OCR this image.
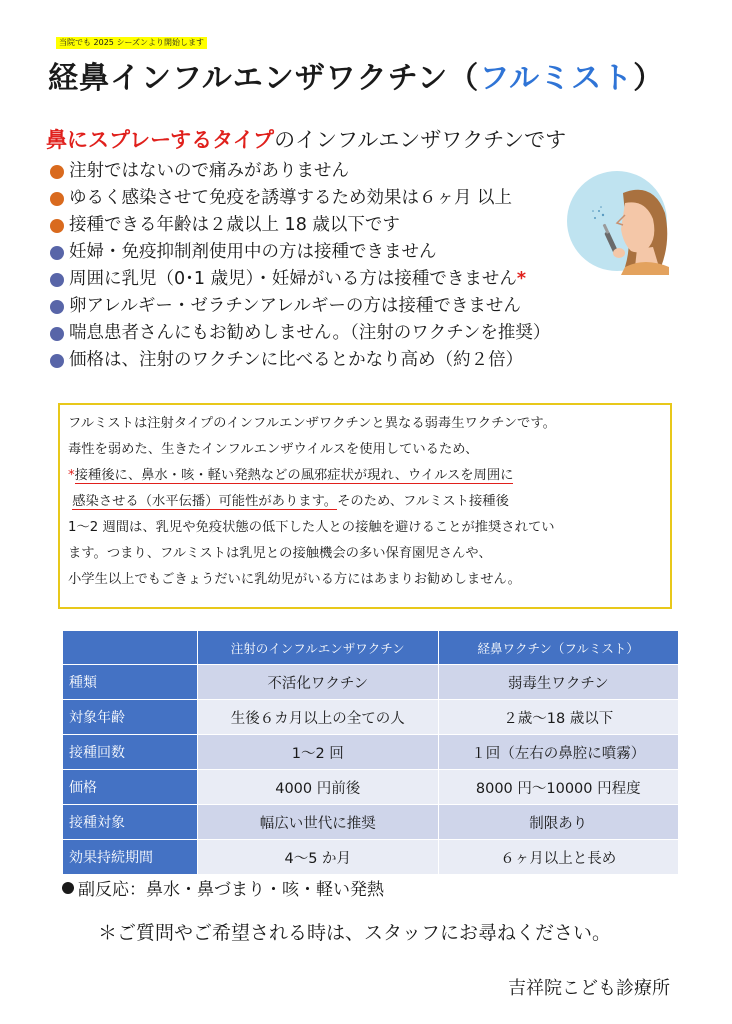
当院でも 2025 シーズンより開始します
経鼻インフルエンザワクチン（フルミスト）
鼻にスプレーするタイプのインフルエンザワクチンです
注射ではないので痛みがありません
ゆるく感染させて免疫を誘導するため効果は６ヶ月 以上
接種できる年齢は２歳以上 18 歳以下です
妊婦・免疫抑制剤使用中の方は接種できません
周囲に乳児（0･1 歳児）・妊婦がいる方は接種できません *
卵アレルギー・ゼラチンアレルギーの方は接種できません
喘息患者さんにもお勧めしません。（注射のワクチンを推奨）
価格は、注射のワクチンに比べるとかなり高め（約２倍）
フルミストは注射タイプのインフルエンザワクチンと異なる弱毒生ワクチンです。
毒性を弱めた、生きたインフルエンザウイルスを使用しているため、
*接種後に、鼻水・咳・軽い発熱などの風邪症状が現れ、ウイルスを周囲に
感染させる（水平伝播）可能性があります。そのため、フルミスト接種後
1～2 週間は、乳児や免疫状態の低下した人との接触を避けることが推奨されてい
ます。つまり、フルミストは乳児との接触機会の多い保育園児さんや、
小学生以上でもごきょうだいに乳幼児がいる方にはあまりお勧めしません。
	注射のインフルエンザワクチン	経鼻ワクチン（フルミスト）
種類	不活化ワクチン	弱毒生ワクチン
対象年齢	生後６カ月以上の全ての人	２歳～18 歳以下
接種回数	1～2 回	１回（左右の鼻腔に噴霧）
価格	4000 円前後	8000 円～10000 円程度
接種対象	幅広い世代に推奨	制限あり
効果持続期間	4～5 か月	６ヶ月以上と長め
副反応：鼻水・鼻づまり・咳・軽い発熱
＊ご質問やご希望される時は、スタッフにお尋ねください。
吉祥院こども診療所
